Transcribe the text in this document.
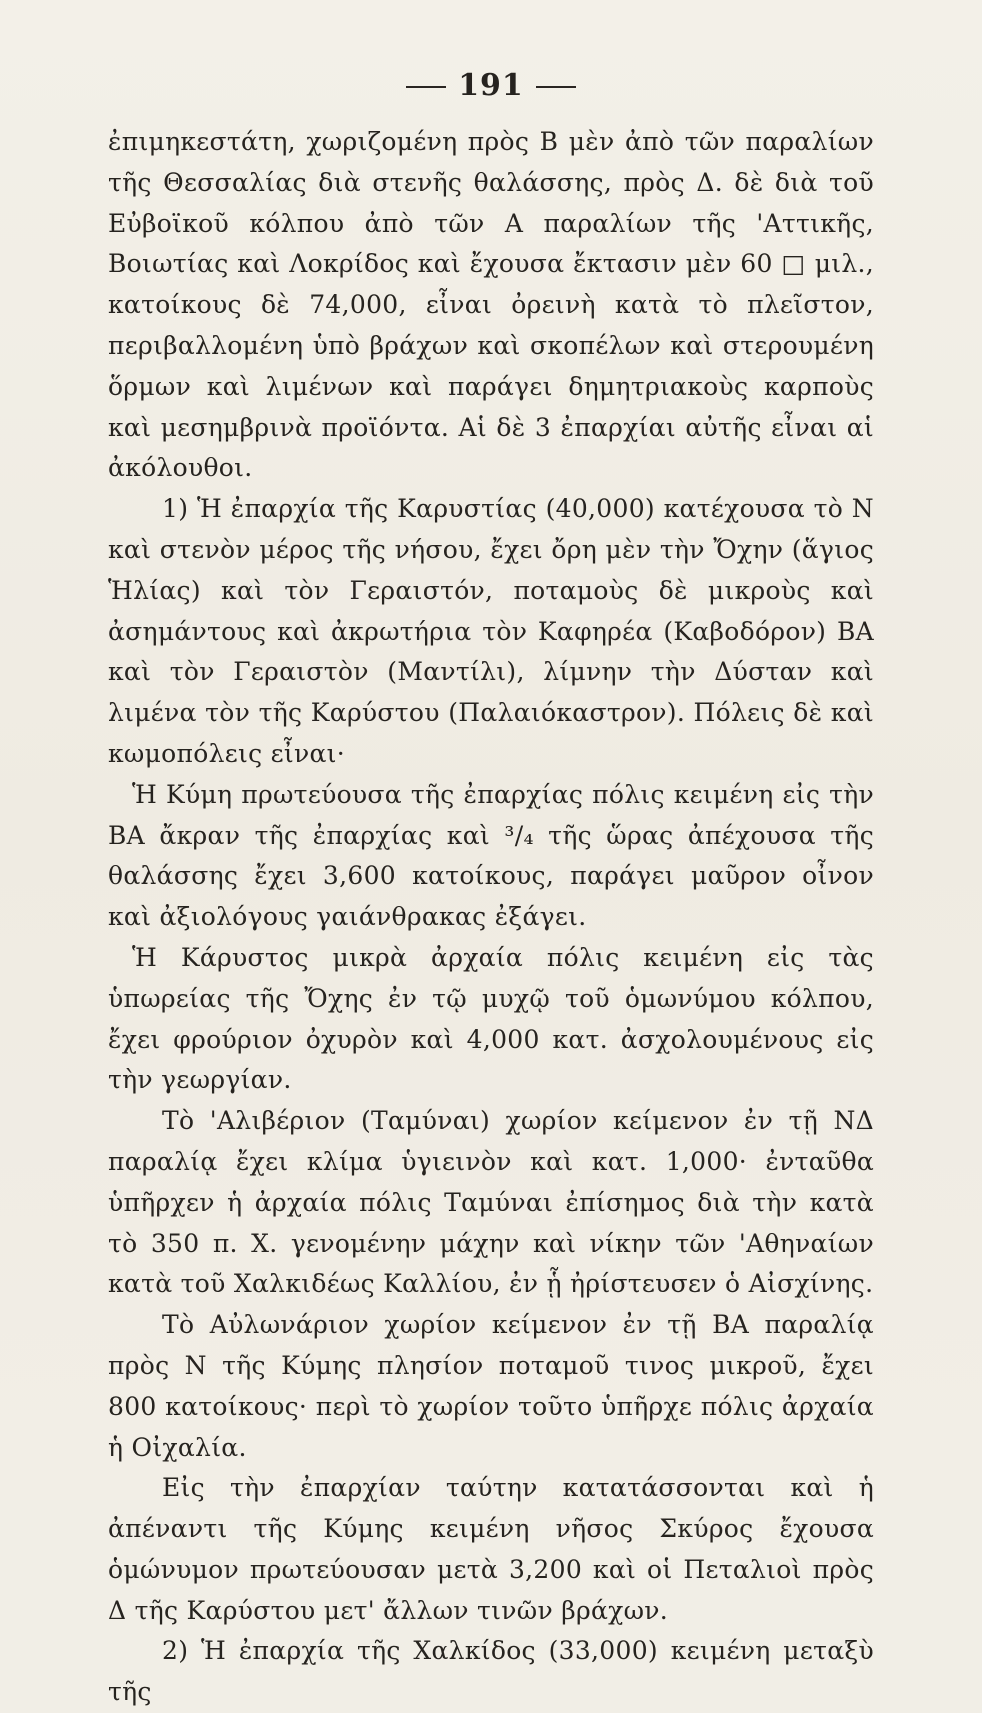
191

ἐπιμηκεστάτη, χωριζομένη πρὸς Β μὲν ἀπὸ τῶν παραλίων τῆς Θεσσαλίας διὰ στενῆς θαλάσσης, πρὸς Δ. δὲ διὰ τοῦ Εὐβοϊκοῦ κόλπου ἀπὸ τῶν Α παραλίων τῆς 'Αττικῆς, Βοιωτίας καὶ Λοκρίδος καὶ ἔχουσα ἔκτασιν μὲν 60 □ μιλ., κατοίκους δὲ 74,000, εἶναι ὀρεινὴ κατὰ τὸ πλεῖστον, περιβαλλομένη ὑπὸ βράχων καὶ σκοπέλων καὶ στερουμένη ὅρμων καὶ λιμένων καὶ παράγει δημητριακοὺς καρποὺς καὶ μεσημβρινὰ προϊόντα. Αἱ δὲ 3 ἐπαρχίαι αὐτῆς εἶναι αἱ ἀκόλουθοι.

1) Ἡ ἐπαρχία τῆς Καρυστίας (40,000) κατέχουσα τὸ Ν καὶ στενὸν μέρος τῆς νήσου, ἔχει ὄρη μὲν τὴν Ὄχην (ἅγιος Ἡλίας) καὶ τὸν Γεραιστόν, ποταμοὺς δὲ μικροὺς καὶ ἀσημάντους καὶ ἀκρωτήρια τὸν Καφηρέα (Καβοδόρον) ΒΑ καὶ τὸν Γεραιστὸν (Μαντίλι), λίμνην τὴν Δύσταν καὶ λιμένα τὸν τῆς Καρύστου (Παλαιόκαστρον). Πόλεις δὲ καὶ κωμοπόλεις εἶναι·

Ἡ Κύμη πρωτεύουσα τῆς ἐπαρχίας πόλις κειμένη εἰς τὴν ΒΑ ἄκραν τῆς ἐπαρχίας καὶ ³/₄ τῆς ὥρας ἀπέχουσα τῆς θαλάσσης ἔχει 3,600 κατοίκους, παράγει μαῦρον οἶνον καὶ ἀξιολόγους γαιάνθρακας ἐξάγει.

Ἡ Κάρυστος μικρὰ ἀρχαία πόλις κειμένη εἰς τὰς ὑπωρείας τῆς Ὄχης ἐν τῷ μυχῷ τοῦ ὁμωνύμου κόλπου, ἔχει φρούριον ὀχυρὸν καὶ 4,000 κατ. ἀσχολουμένους εἰς τὴν γεωργίαν.

Τὸ 'Αλιβέριον (Ταμύναι) χωρίον κείμενον ἐν τῇ ΝΔ παραλίᾳ ἔχει κλίμα ὑγιεινὸν καὶ κατ. 1,000· ἐνταῦθα ὑπῆρχεν ἡ ἀρχαία πόλις Ταμύναι ἐπίσημος διὰ τὴν κατὰ τὸ 350 π. Χ. γενομένην μάχην καὶ νίκην τῶν 'Αθηναίων κατὰ τοῦ Χαλκιδέως Καλλίου, ἐν ᾗ ἠρίστευσεν ὁ Αἰσχίνης.

Τὸ Αὐλωνάριον χωρίον κείμενον ἐν τῇ ΒΑ παραλίᾳ πρὸς Ν τῆς Κύμης πλησίον ποταμοῦ τινος μικροῦ, ἔχει 800 κατοίκους· περὶ τὸ χωρίον τοῦτο ὑπῆρχε πόλις ἀρχαία ἡ Οἰχαλία.

Εἰς τὴν ἐπαρχίαν ταύτην κατατάσσονται καὶ ἡ ἀπέναντι τῆς Κύμης κειμένη νῆσος Σκύρος ἔχουσα ὁμώνυμον πρωτεύουσαν μετὰ 3,200 καὶ οἱ Πεταλιοὶ πρὸς Δ τῆς Καρύστου μετ' ἄλλων τινῶν βράχων.

2) Ἡ ἐπαρχία τῆς Χαλκίδος (33,000) κειμένη μεταξὺ τῆς
